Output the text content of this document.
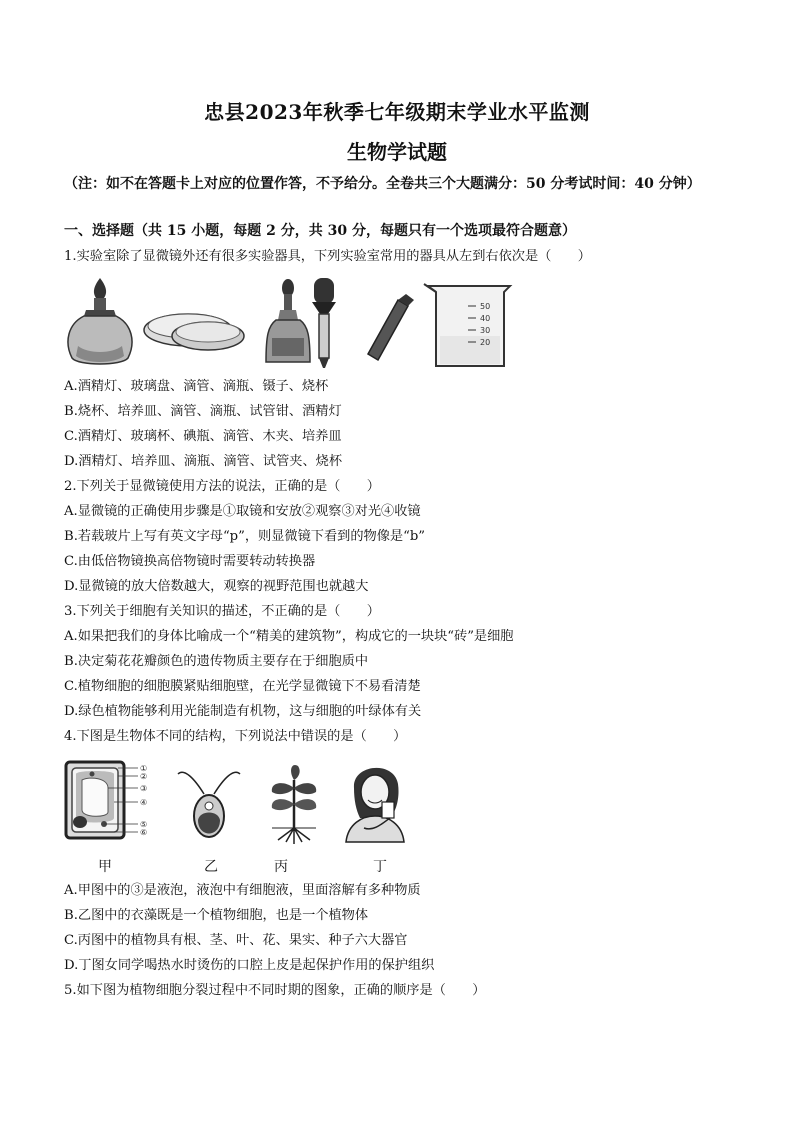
忠县2023年秋季七年级期末学业水平监测
生物学试题
（注：如不在答题卡上对应的位置作答，不予给分。全卷共三个大题满分：50 分考试时间：40 分钟）
一、选择题（共 15 小题，每题 2 分，共 30 分，每题只有一个选项最符合题意）
1.实验室除了显微镜外还有很多实验器具，下列实验室常用的器具从左到右依次是（　　）
50
40
30
20
A.酒精灯、玻璃盘、滴管、滴瓶、镊子、烧杯
B.烧杯、培养皿、滴管、滴瓶、试管钳、酒精灯
C.酒精灯、玻璃杯、碘瓶、滴管、木夹、培养皿
D.酒精灯、培养皿、滴瓶、滴管、试管夹、烧杯
2.下列关于显微镜使用方法的说法，正确的是（　　）
A.显微镜的正确使用步骤是①取镜和安放②观察③对光④收镜
B.若载玻片上写有英文字母“p”，则显微镜下看到的物像是“b”
C.由低倍物镜换高倍物镜时需要转动转换器
D.显微镜的放大倍数越大，观察的视野范围也就越大
3.下列关于细胞有关知识的描述，不正确的是（　　）
A.如果把我们的身体比喻成一个“精美的建筑物”，构成它的一块块“砖”是细胞
B.决定菊花花瓣颜色的遗传物质主要存在于细胞质中
C.植物细胞的细胞膜紧贴细胞壁，在光学显微镜下不易看清楚
D.绿色植物能够利用光能制造有机物，这与细胞的叶绿体有关
4.下图是生物体不同的结构，下列说法中错误的是（　　）
①
②
③
④
⑤
⑥
甲	乙	丙	丁
A.甲图中的③是液泡，液泡中有细胞液，里面溶解有多种物质
B.乙图中的衣藻既是一个植物细胞，也是一个植物体
C.丙图中的植物具有根、茎、叶、花、果实、种子六大器官
D.丁图女同学喝热水时烫伤的口腔上皮是起保护作用的保护组织
5.如下图为植物细胞分裂过程中不同时期的图象，正确的顺序是（　　）
